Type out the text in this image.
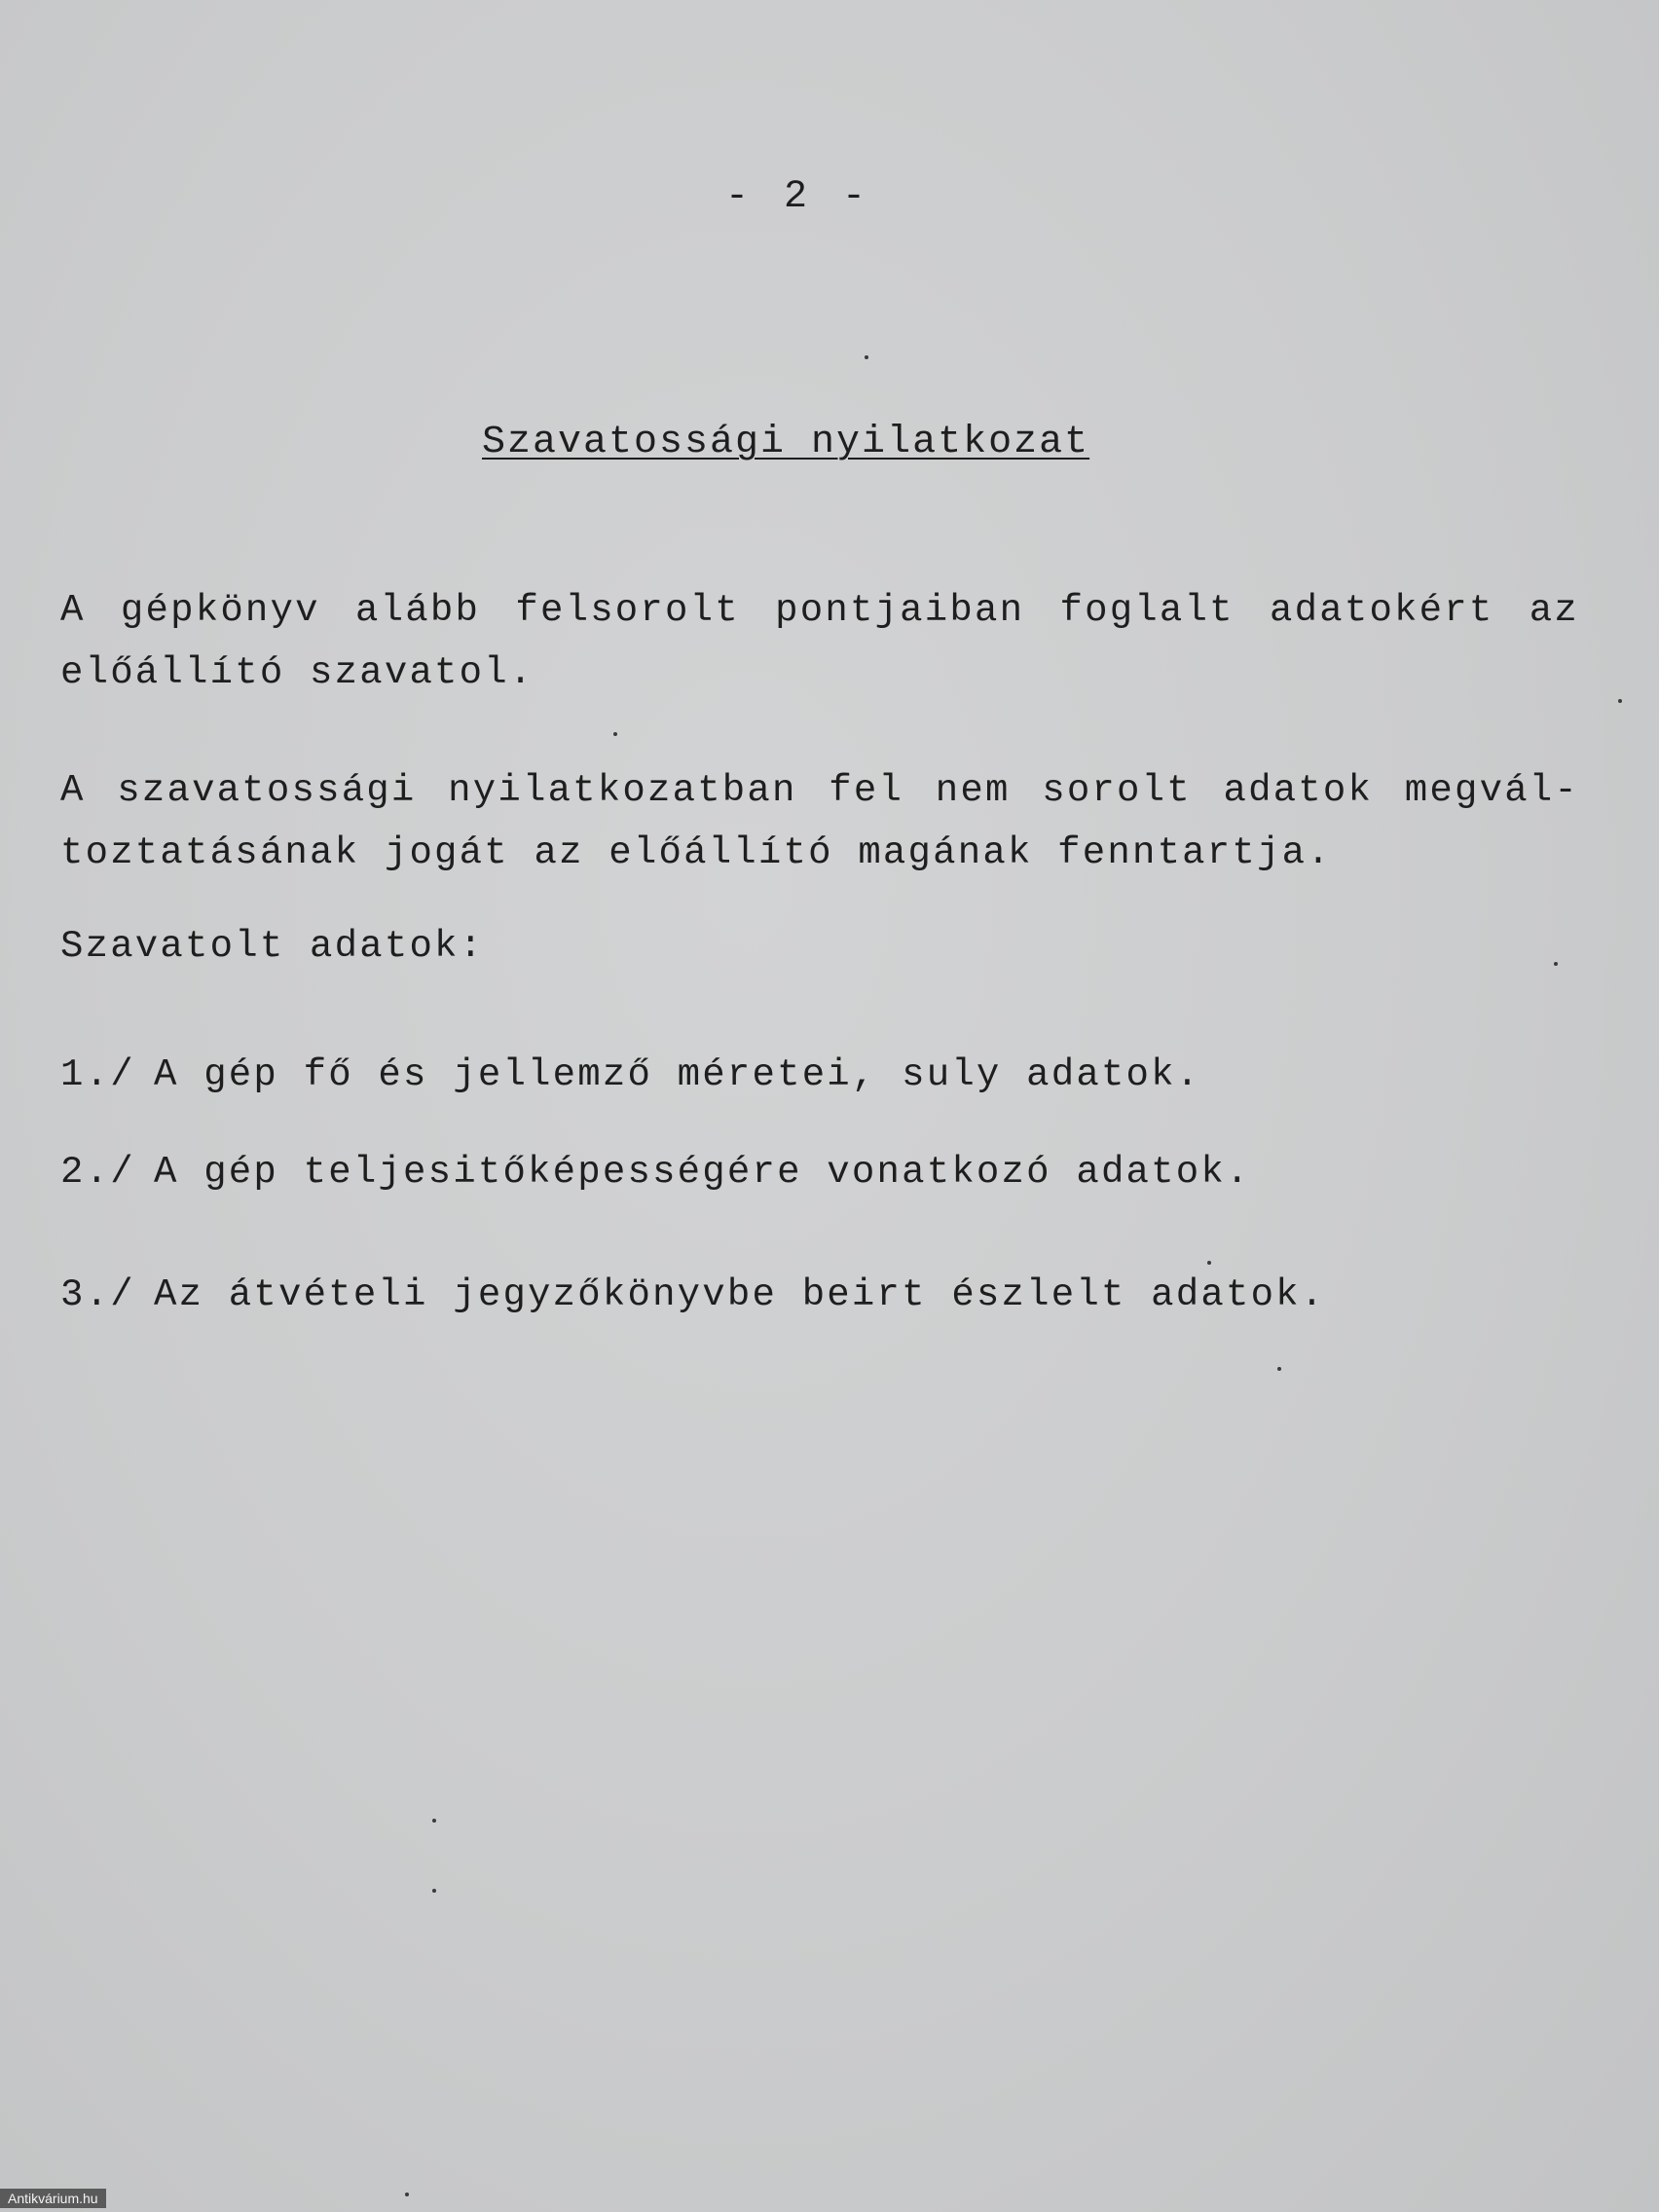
- 2 -
Szavatossági nyilatkozat

A gépkönyv alább felsorolt pontjaiban foglalt adatokért az előállító szavatol.

A szavatossági nyilatkozatban fel nem sorolt adatok megvál-toztatásának jogát az előállító magának fenntartja.

Szavatolt adatok:
1./ A gép fő és jellemző méretei, suly adatok.
2./ A gép teljesitőképességére vonatkozó adatok.
3./ Az átvételi jegyzőkönyvbe beirt észlelt adatok.
Antikvárium.hu
